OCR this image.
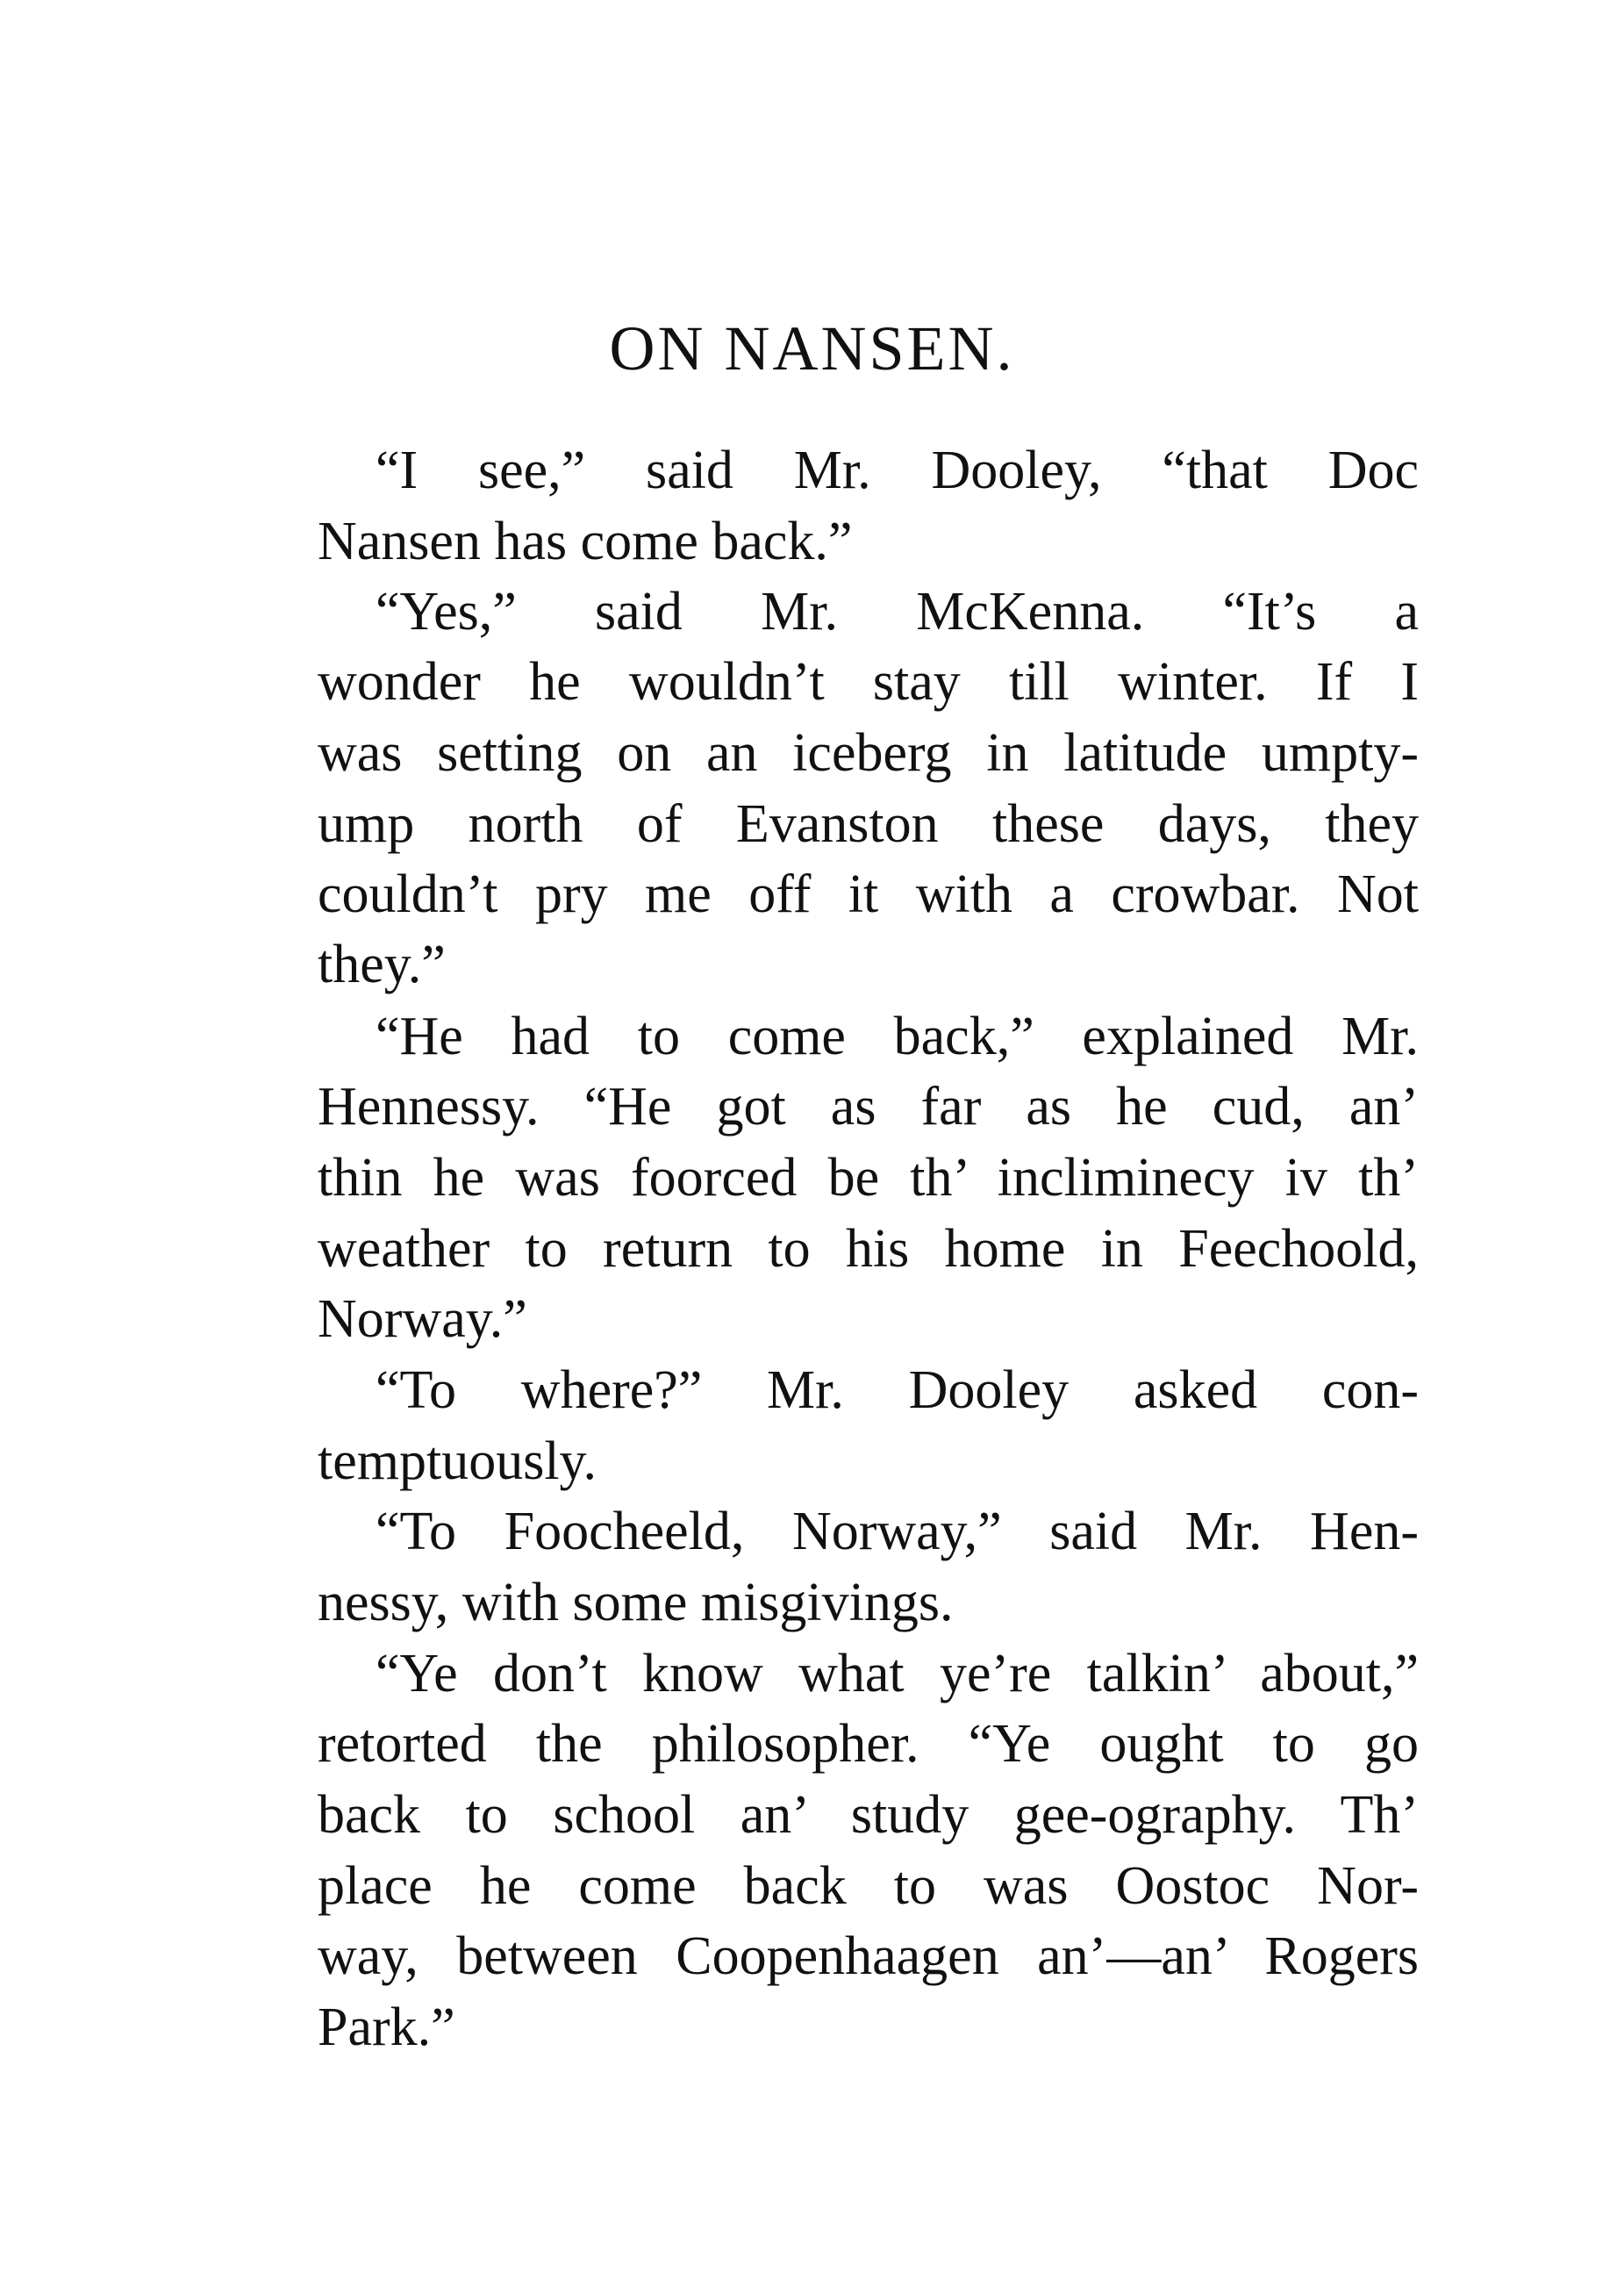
ON NANSEN.
“I see,” said Mr. Dooley, “that Doc
Nansen has come back.”
“Yes,” said Mr. McKenna. “It’s a
wonder he wouldn’t stay till winter. If I
was setting on an iceberg in latitude umpty-
ump north of Evanston these days, they
couldn’t pry me off it with a crowbar. Not
they.”
“He had to come back,” explained Mr.
Hennessy. “He got as far as he cud, an’
thin he was foorced be th’ incliminecy iv th’
weather to return to his home in Feechoold,
Norway.”
“To where?” Mr. Dooley asked con-
temptuously.
“To Foocheeld, Norway,” said Mr. Hen-
nessy, with some misgivings.
“Ye don’t know what ye’re talkin’ about,”
retorted the philosopher. “Ye ought to go
back to school an’ study gee-ography. Th’
place he come back to was Oostoc Nor-
way, between Coopenhaagen an’—an’ Rogers
Park.”
